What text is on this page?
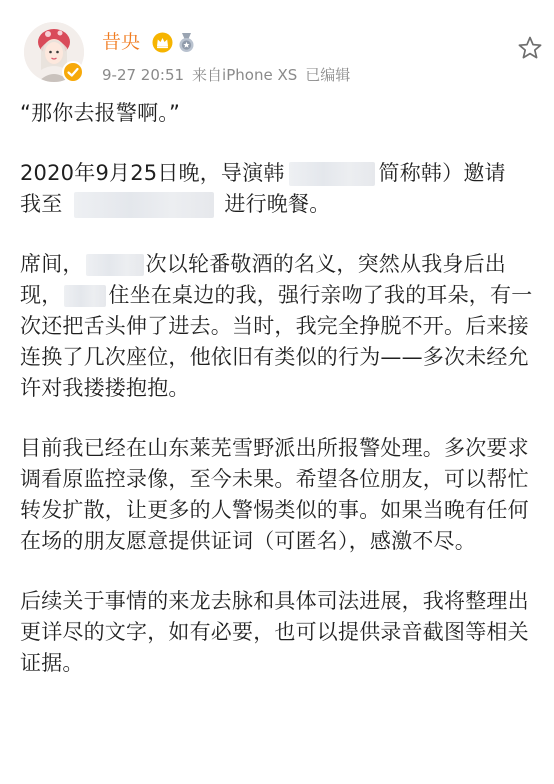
昔央
9-27 20:51 来自iPhone XS 已编辑

“那你去报警啊。”

2020年9月25日晚，导演韩	简称韩）邀请
我至	进行晚餐。

席间，	次以轮番敬酒的名义，突然从我身后出现， 住坐在桌边的我，强行亲吻了我的耳朵，有一次还把舌头伸了进去。当时，我完全挣脱不开。后来接连换了几次座位，他依旧有类似的行为——多次未经允许对我搂搂抱抱。

目前我已经在山东莱芜雪野派出所报警处理。多次要求调看原监控录像，至今未果。希望各位朋友，可以帮忙转发扩散，让更多的人警惕类似的事。如果当晚有任何在场的朋友愿意提供证词（可匿名），感激不尽。

后续关于事情的来龙去脉和具体司法进展，我将整理出更详尽的文字，如有必要，也可以提供录音截图等相关证据。
